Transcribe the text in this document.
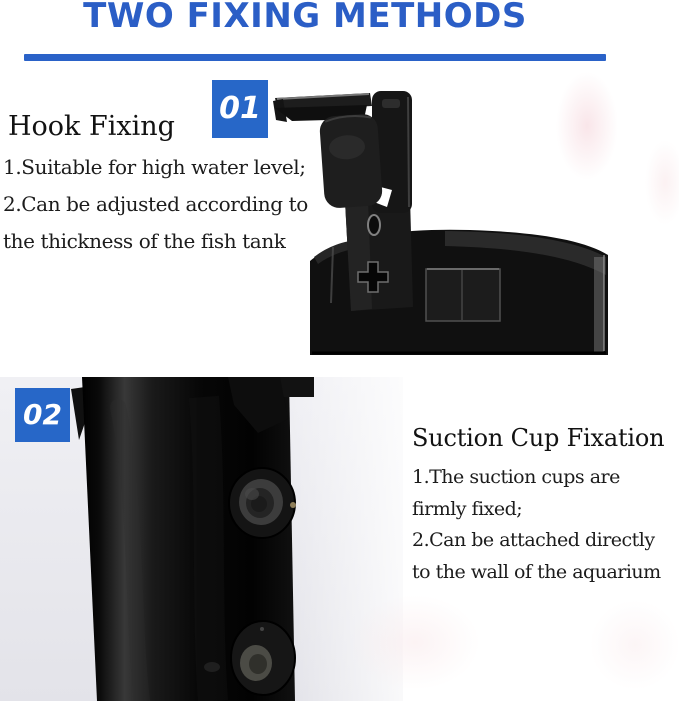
TWO FIXING METHODS
01
Hook Fixing
1.Suitable for high water level;
2.Can be adjusted according to
the thickness of the fish tank
02
Suction Cup Fixation
1.The suction cups are
firmly fixed;
2.Can be attached directly
to the wall of the aquarium
